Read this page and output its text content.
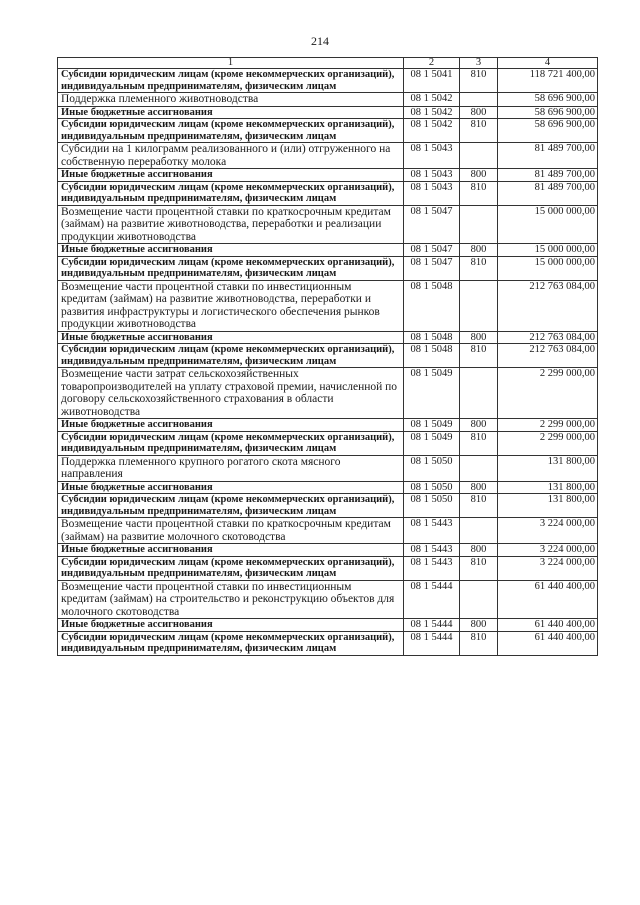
214
1	2	3	4
Субсидии юридическим лицам (кроме некоммерческих организаций), индивидуальным предпринимателям, физическим лицам	08 1 5041	810	118 721 400,00
Поддержка племенного животноводства	08 1 5042		58 696 900,00
Иные бюджетные ассигнования	08 1 5042	800	58 696 900,00
Субсидии юридическим лицам (кроме некоммерческих организаций), индивидуальным предпринимателям, физическим лицам	08 1 5042	810	58 696 900,00
Субсидии на 1 килограмм реализованного и (или) отгруженного на собственную переработку молока	08 1 5043		81 489 700,00
Иные бюджетные ассигнования	08 1 5043	800	81 489 700,00
Субсидии юридическим лицам (кроме некоммерческих организаций), индивидуальным предпринимателям, физическим лицам	08 1 5043	810	81 489 700,00
Возмещение части процентной ставки по краткосрочным кредитам (займам) на развитие животноводства, переработки и реализации продукции животноводства	08 1 5047		15 000 000,00
Иные бюджетные ассигнования	08 1 5047	800	15 000 000,00
Субсидии юридическим лицам (кроме некоммерческих организаций), индивидуальным предпринимателям, физическим лицам	08 1 5047	810	15 000 000,00
Возмещение части процентной ставки по инвестиционным кредитам (займам) на развитие животноводства, переработки и развития инфраструктуры и логистического обеспечения рынков продукции животноводства	08 1 5048		212 763 084,00
Иные бюджетные ассигнования	08 1 5048	800	212 763 084,00
Субсидии юридическим лицам (кроме некоммерческих организаций), индивидуальным предпринимателям, физическим лицам	08 1 5048	810	212 763 084,00
Возмещение части затрат сельскохозяйственных товаропроизводителей на уплату страховой премии, начисленной по договору сельскохозяйственного страхования в области животноводства	08 1 5049		2 299 000,00
Иные бюджетные ассигнования	08 1 5049	800	2 299 000,00
Субсидии юридическим лицам (кроме некоммерческих организаций), индивидуальным предпринимателям, физическим лицам	08 1 5049	810	2 299 000,00
Поддержка племенного крупного рогатого скота мясного направления	08 1 5050		131 800,00
Иные бюджетные ассигнования	08 1 5050	800	131 800,00
Субсидии юридическим лицам (кроме некоммерческих организаций), индивидуальным предпринимателям, физическим лицам	08 1 5050	810	131 800,00
Возмещение части процентной ставки по краткосрочным кредитам (займам) на развитие молочного скотоводства	08 1 5443		3 224 000,00
Иные бюджетные ассигнования	08 1 5443	800	3 224 000,00
Субсидии юридическим лицам (кроме некоммерческих организаций), индивидуальным предпринимателям, физическим лицам	08 1 5443	810	3 224 000,00
Возмещение части процентной ставки по инвестиционным кредитам (займам) на строительство и реконструкцию объектов для молочного скотоводства	08 1 5444		61 440 400,00
Иные бюджетные ассигнования	08 1 5444	800	61 440 400,00
Субсидии юридическим лицам (кроме некоммерческих организаций), индивидуальным предпринимателям, физическим лицам	08 1 5444	810	61 440 400,00
